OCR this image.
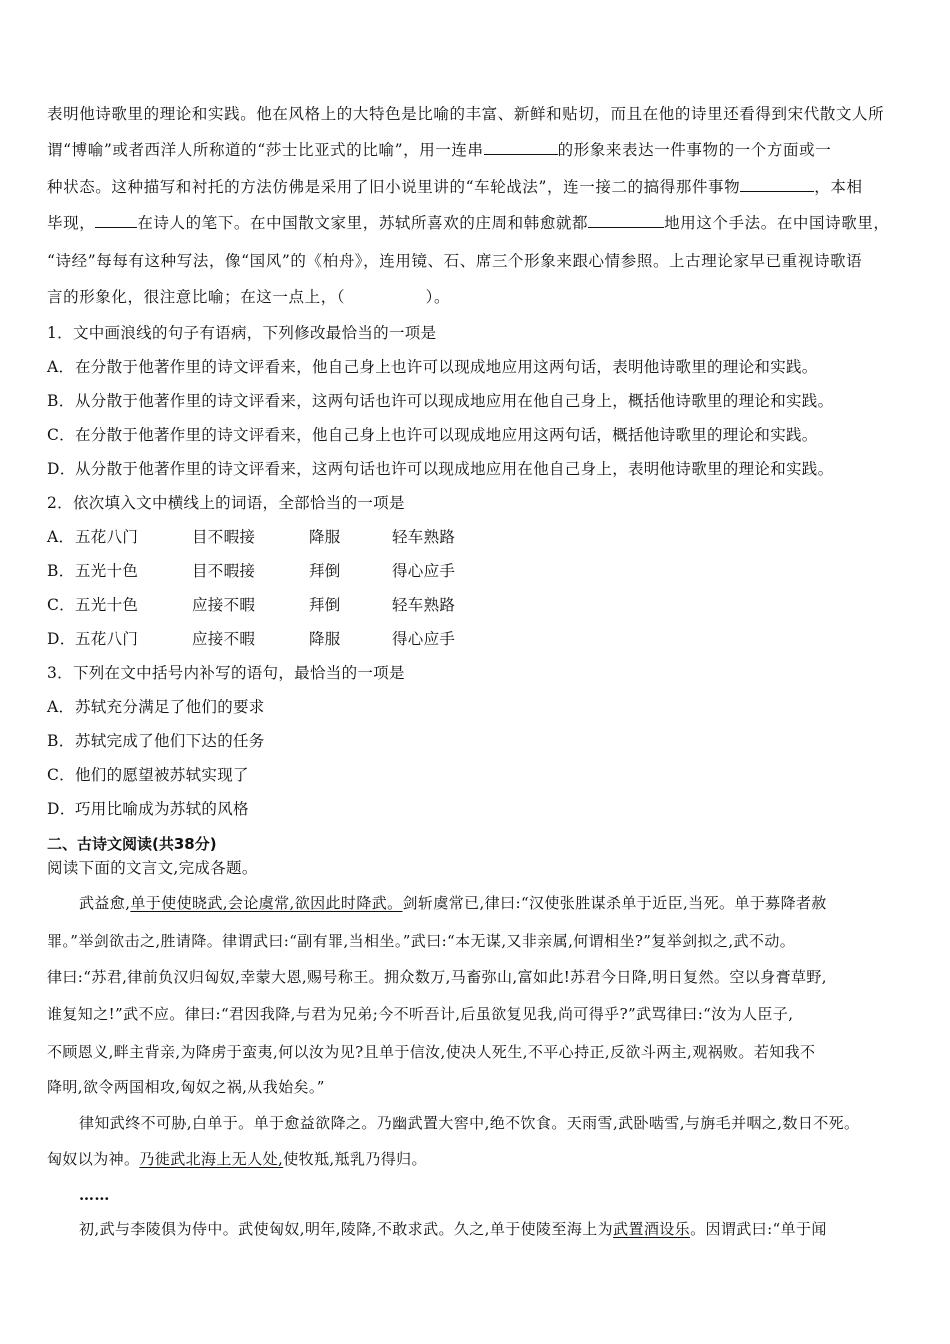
表明他诗歌里的理论和实践。他在风格上的大特色是比喻的丰富、新鲜和贴切，而且在他的诗里还看得到宋代散文人所
谓“博喻”或者西洋人所称道的“莎士比亚式的比喻”，用一连串	的形象来表达一件事物的一个方面或一
种状态。这种描写和衬托的方法仿佛是采用了旧小说里讲的“车轮战法”，连一接二的搞得那件事物	，本相
毕现，	在诗人的笔下。在中国散文家里，苏轼所喜欢的庄周和韩愈就都	地用这个手法。在中国诗歌里，
“诗经”每每有这种写法，像“国风”的《柏舟》，连用镜、石、席三个形象来跟心情参照。上古理论家早已重视诗歌语
言的形象化，很注意比喻；在这一点上，（　　　　　）。
1．文中画浪线的句子有语病，下列修改最恰当的一项是
A．在分散于他著作里的诗文评看来，他自己身上也许可以现成地应用这两句话，表明他诗歌里的理论和实践。
B．从分散于他著作里的诗文评看来，这两句话也许可以现成地应用在他自己身上，概括他诗歌里的理论和实践。
C．在分散于他著作里的诗文评看来，他自己身上也许可以现成地应用这两句话，概括他诗歌里的理论和实践。
D．从分散于他著作里的诗文评看来，这两句话也许可以现成地应用在他自己身上，表明他诗歌里的理论和实践。
2．依次填入文中横线上的词语，全部恰当的一项是
A．五花八门	目不暇接	降服	轻车熟路
B．五光十色	目不暇接	拜倒	得心应手
C．五光十色	应接不暇	拜倒	轻车熟路
D．五花八门	应接不暇	降服	得心应手
3．下列在文中括号内补写的语句，最恰当的一项是
A．苏轼充分满足了他们的要求
B．苏轼完成了他们下达的任务
C．他们的愿望被苏轼实现了
D．巧用比喻成为苏轼的风格
二、古诗文阅读(共38分)
阅读下面的文言文,完成各题。
武益愈,单于使使晓武,会论虞常,欲因此时降武。剑斩虞常已,律曰:“汉使张胜谋杀单于近臣,当死。单于募降者赦
罪。”举剑欲击之,胜请降。律谓武曰:“副有罪,当相坐。”武曰:“本无谋,又非亲属,何谓相坐?”复举剑拟之,武不动。
律曰:“苏君,律前负汉归匈奴,幸蒙大恩,赐号称王。拥众数万,马畜弥山,富如此!苏君今日降,明日复然。空以身膏草野,
谁复知之!”武不应。律曰:“君因我降,与君为兄弟;今不听吾计,后虽欲复见我,尚可得乎?”武骂律曰:“汝为人臣子,
不顾恩义,畔主背亲,为降虏于蛮夷,何以汝为见?且单于信汝,使决人死生,不平心持正,反欲斗两主,观祸败。若知我不
降明,欲令两国相攻,匈奴之祸,从我始矣。”
律知武终不可胁,白单于。单于愈益欲降之。乃幽武置大窖中,绝不饮食。天雨雪,武卧啮雪,与旃毛并咽之,数日不死。
匈奴以为神。乃徙武北海上无人处,使牧羝,羝乳乃得归。
……
初,武与李陵俱为侍中。武使匈奴,明年,陵降,不敢求武。久之,单于使陵至海上为武置酒设乐。因谓武曰:“单于闻
